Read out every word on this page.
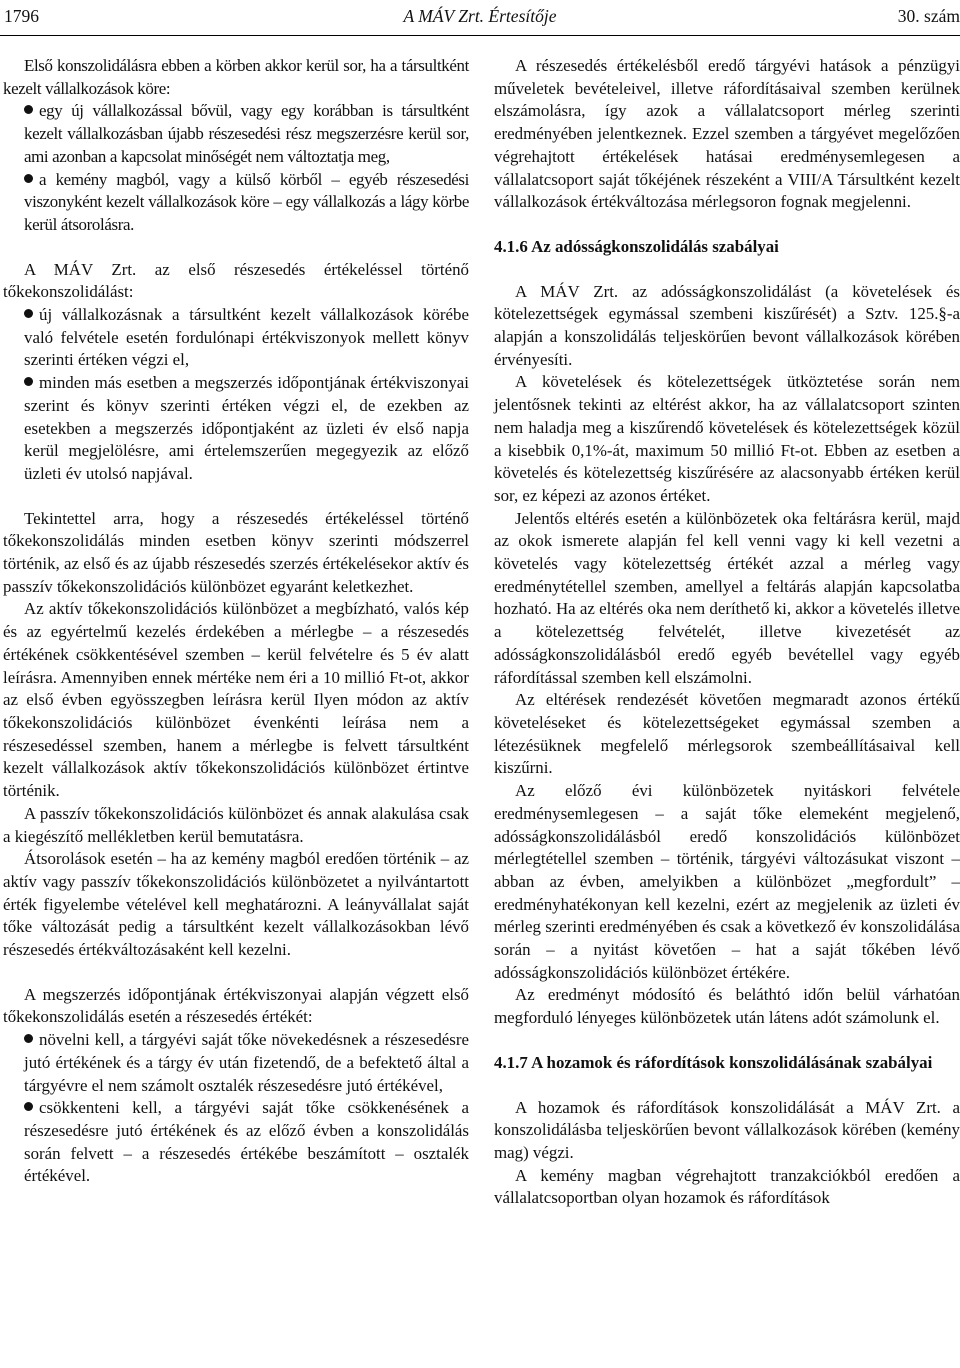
1796	A MÁV Zrt. Értesítője	30. szám

Első konszolidálásra ebben a körben akkor kerül sor, ha a társultként kezelt vállalkozások köre:

egy új vállalkozással bővül, vagy egy korábban is társultként kezelt vállalkozásban újabb részesedési rész megszerzésre kerül sor, ami azonban a kapcsolat minőségét nem változtatja meg,

a kemény magból, vagy a külső körből – egyéb részesedési viszonyként kezelt vállalkozások köre – egy vállalkozás a lágy körbe kerül átsorolásra.

A MÁV Zrt. az első részesedés értékeléssel történő tőkekonszolidálást:

új vállalkozásnak a társultként kezelt vállalkozások körébe való felvétele esetén fordulónapi értékviszonyok mellett könyv szerinti értéken végzi el,

minden más esetben a megszerzés időpontjának értékviszonyai szerint és könyv szerinti értéken végzi el, de ezekben az esetekben a megszerzés időpontjaként az üzleti év első napja kerül megjelölésre, ami értelemszerűen megegyezik az előző üzleti év utolsó napjával.

Tekintettel arra, hogy a részesedés értékeléssel történő tőkekonszolidálás minden esetben könyv szerinti módszerrel történik, az első és az újabb részesedés szerzés értékelésekor aktív és passzív tőkekonszolidációs különbözet egyaránt keletkezhet.

Az aktív tőkekonszolidációs különbözet a megbízható, valós kép és az egyértelmű kezelés érdekében a mérlegbe – a részesedés értékének csökkentésével szemben – kerül felvételre és 5 év alatt leírásra. Amennyiben ennek mértéke nem éri a 10 millió Ft-ot, akkor az első évben egyösszegben leírásra kerül Ilyen módon az aktív tőkekonszolidációs különbözet évenkénti leírása nem a részesedéssel szemben, hanem a mérlegbe is felvett társultként kezelt vállalkozások aktív tőkekonszolidációs különbözet értintve történik.

A passzív tőkekonszolidációs különbözet és annak alakulása csak a kiegészítő mellékletben kerül bemutatásra.

Átsorolások esetén – ha az kemény magból eredően történik – az aktív vagy passzív tőkekonszolidációs különbözetet a nyilvántartott érték figyelembe vételével kell meghatározni. A leányvállalat saját tőke változását pedig a társultként kezelt vállalkozásokban lévő részesedés értékváltozásaként kell kezelni.

A megszerzés időpontjának értékviszonyai alapján végzett első tőkekonszolidálás esetén a részesedés értékét:

növelni kell, a tárgyévi saját tőke növekedésnek a részesedésre jutó értékének és a tárgy év után fizetendő, de a befektető által a tárgyévre el nem számolt osztalék részesedésre jutó értékével,

csökkenteni kell, a tárgyévi saját tőke csökkenésének a részesedésre jutó értékének és az előző évben a konszolidálás során felvett – a részesedés értékébe beszámított – osztalék értékével.

A részesedés értékelésből eredő tárgyévi hatások a pénzügyi műveletek bevételeivel, illetve ráfordításaival szemben kerülnek elszámolásra, így azok a vállalatcsoport mérleg szerinti eredményében jelentkeznek. Ezzel szemben a tárgyévet megelőzően végrehajtott értékelések hatásai eredménysemlegesen a vállalatcsoport saját tőkéjének részeként a VIII/A Társultként kezelt vállalkozások értékváltozása mérlegsoron fognak megjelenni.

4.1.6 Az adósságkonszolidálás szabályai

A MÁV Zrt. az adósságkonszolidálást (a követelések és kötelezettségek egymással szembeni kiszűrését) a Sztv. 125.§-a alapján a konszolidálás teljeskörűen bevont vállalkozások körében érvényesíti.

A követelések és kötelezettségek ütköztetése során nem jelentősnek tekinti az eltérést akkor, ha az vállalatcsoport szinten nem haladja meg a kiszűrendő követelések és kötelezettségek közül a kisebbik 0,1%-át, maximum 50 millió Ft-ot. Ebben az esetben a követelés és kötelezettség kiszűrésére az alacsonyabb értéken kerül sor, ez képezi az azonos értéket.

Jelentős eltérés esetén a különbözetek oka feltárásra kerül, majd az okok ismerete alapján fel kell venni vagy ki kell vezetni a követelés vagy kötelezettség értékét azzal a mérleg vagy eredménytétellel szemben, amellyel a feltárás alapján kapcsolatba hozható. Ha az eltérés oka nem deríthető ki, akkor a követelés illetve a kötelezettség felvételét, illetve kivezetését az adósságkonszolidálásból eredő egyéb bevétellel vagy egyéb ráfordítással szemben kell elszámolni.

Az eltérések rendezését követően megmaradt azonos értékű követeléseket és kötelezettségeket egymással szemben a létezésüknek megfelelő mérlegsorok szembeállításaival kell kiszűrni.

Az előző évi különbözetek nyitáskori felvétele eredménysemlegesen – a saját tőke elemeként megjelenő, adósságkonszolidálásból eredő konszolidációs különbözet mérlegtétellel szemben – történik, tárgyévi változásukat viszont – abban az évben, amelyikben a különbözet „megfordult” – eredményhatékonyan kell kezelni, ezért az megjelenik az üzleti év mérleg szerinti eredményében és csak a következő év konszolidálása során – a nyitást követően – hat a saját tőkében lévő adósságkonszolidációs különbözet értékére.

Az eredményt módosító és beláthtó időn belül várhatóan megforduló lényeges különbözetek után látens adót számolunk el.

4.1.7 A hozamok és ráfordítások konszolidálásának szabályai

A hozamok és ráfordítások konszolidálását a MÁV Zrt. a konszolidálásba teljeskörűen bevont vállalkozások körében (kemény mag) végzi.

A kemény magban végrehajtott tranzakciókból eredően a vállalatcsoportban olyan hozamok és ráfordítások
